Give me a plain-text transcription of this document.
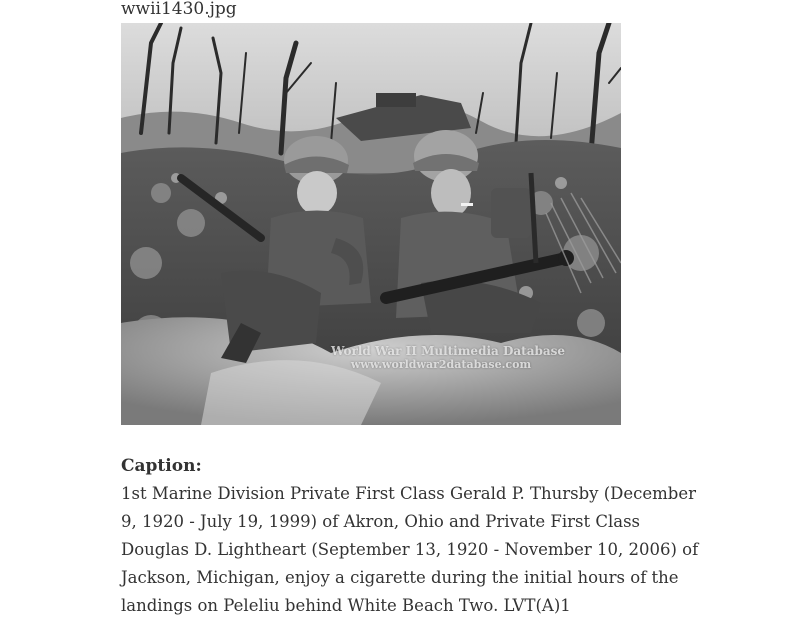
wwii1430.jpg
World War II Multimedia Database
www.worldwar2database.com
Caption:

1st Marine Division Private First Class Gerald P. Thursby (December 9, 1920 - July 19, 1999) of Akron, Ohio and Private First Class Douglas D. Lightheart (September 13, 1920 - November 10, 2006) of Jackson, Michigan, enjoy a cigarette during the initial hours of the landings on Peleliu behind White Beach Two. LVT(A)1
